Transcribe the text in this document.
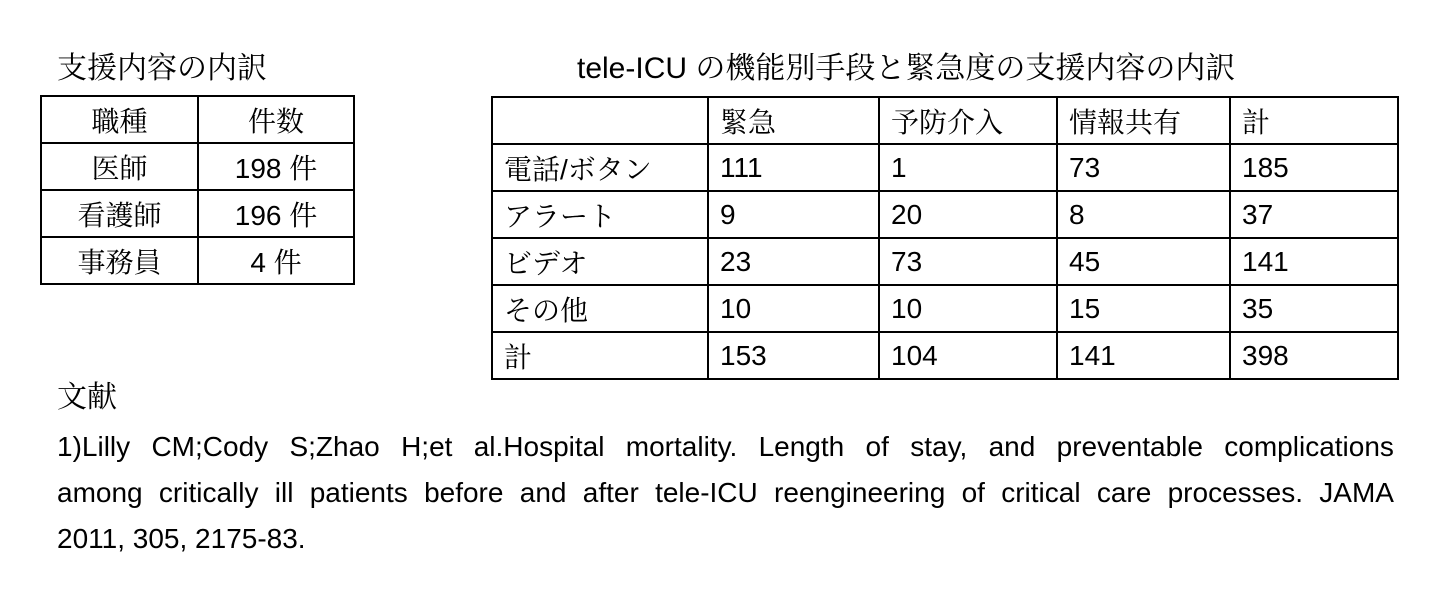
支援内容の内訳
職種	件数
医師	198 件
看護師	196 件
事務員	4 件
tele-ICU の機能別手段と緊急度の支援内容の内訳
	緊急	予防介入	情報共有	計
電話/ボタン	111	1	73	185
アラート	9	20	8	37
ビデオ	23	73	45	141
その他	10	10	15	35
計	153	104	141	398
文献
1)Lilly CM;Cody S;Zhao H;et al.Hospital mortality. Length of stay, and preventable complications
among critically ill patients before and after tele-ICU reengineering of critical care processes. JAMA
2011, 305, 2175-83.
